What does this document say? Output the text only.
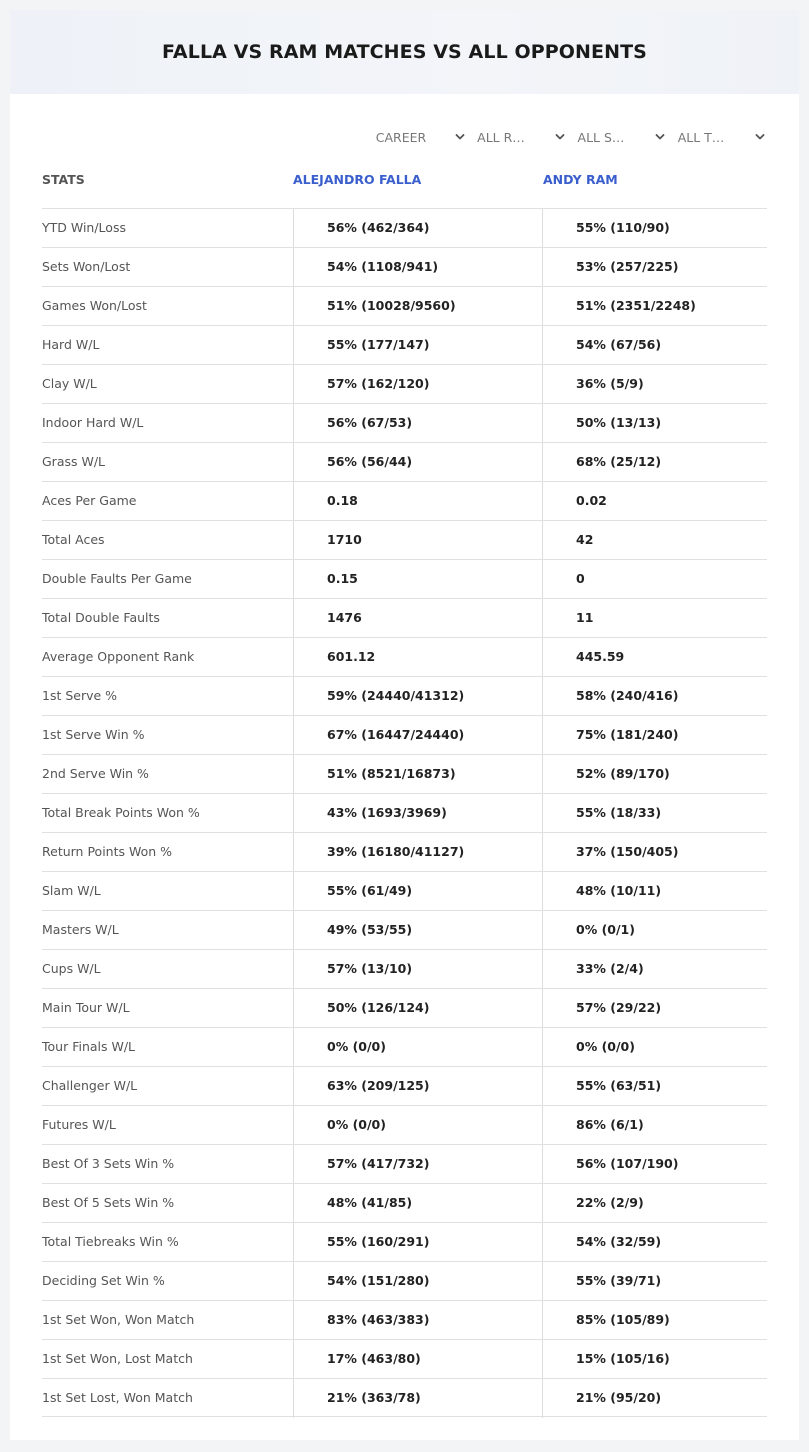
FALLA VS RAM MATCHES VS ALL OPPONENTS
CAREER	ALL R…	ALL S…	ALL T…
STATS	ALEJANDRO FALLA	ANDY RAM
YTD Win/Loss	56% (462/364)	55% (110/90)
Sets Won/Lost	54% (1108/941)	53% (257/225)
Games Won/Lost	51% (10028/9560)	51% (2351/2248)
Hard W/L	55% (177/147)	54% (67/56)
Clay W/L	57% (162/120)	36% (5/9)
Indoor Hard W/L	56% (67/53)	50% (13/13)
Grass W/L	56% (56/44)	68% (25/12)
Aces Per Game	0.18	0.02
Total Aces	1710	42
Double Faults Per Game	0.15	0
Total Double Faults	1476	11
Average Opponent Rank	601.12	445.59
1st Serve %	59% (24440/41312)	58% (240/416)
1st Serve Win %	67% (16447/24440)	75% (181/240)
2nd Serve Win %	51% (8521/16873)	52% (89/170)
Total Break Points Won %	43% (1693/3969)	55% (18/33)
Return Points Won %	39% (16180/41127)	37% (150/405)
Slam W/L	55% (61/49)	48% (10/11)
Masters W/L	49% (53/55)	0% (0/1)
Cups W/L	57% (13/10)	33% (2/4)
Main Tour W/L	50% (126/124)	57% (29/22)
Tour Finals W/L	0% (0/0)	0% (0/0)
Challenger W/L	63% (209/125)	55% (63/51)
Futures W/L	0% (0/0)	86% (6/1)
Best Of 3 Sets Win %	57% (417/732)	56% (107/190)
Best Of 5 Sets Win %	48% (41/85)	22% (2/9)
Total Tiebreaks Win %	55% (160/291)	54% (32/59)
Deciding Set Win %	54% (151/280)	55% (39/71)
1st Set Won, Won Match	83% (463/383)	85% (105/89)
1st Set Won, Lost Match	17% (463/80)	15% (105/16)
1st Set Lost, Won Match	21% (363/78)	21% (95/20)
